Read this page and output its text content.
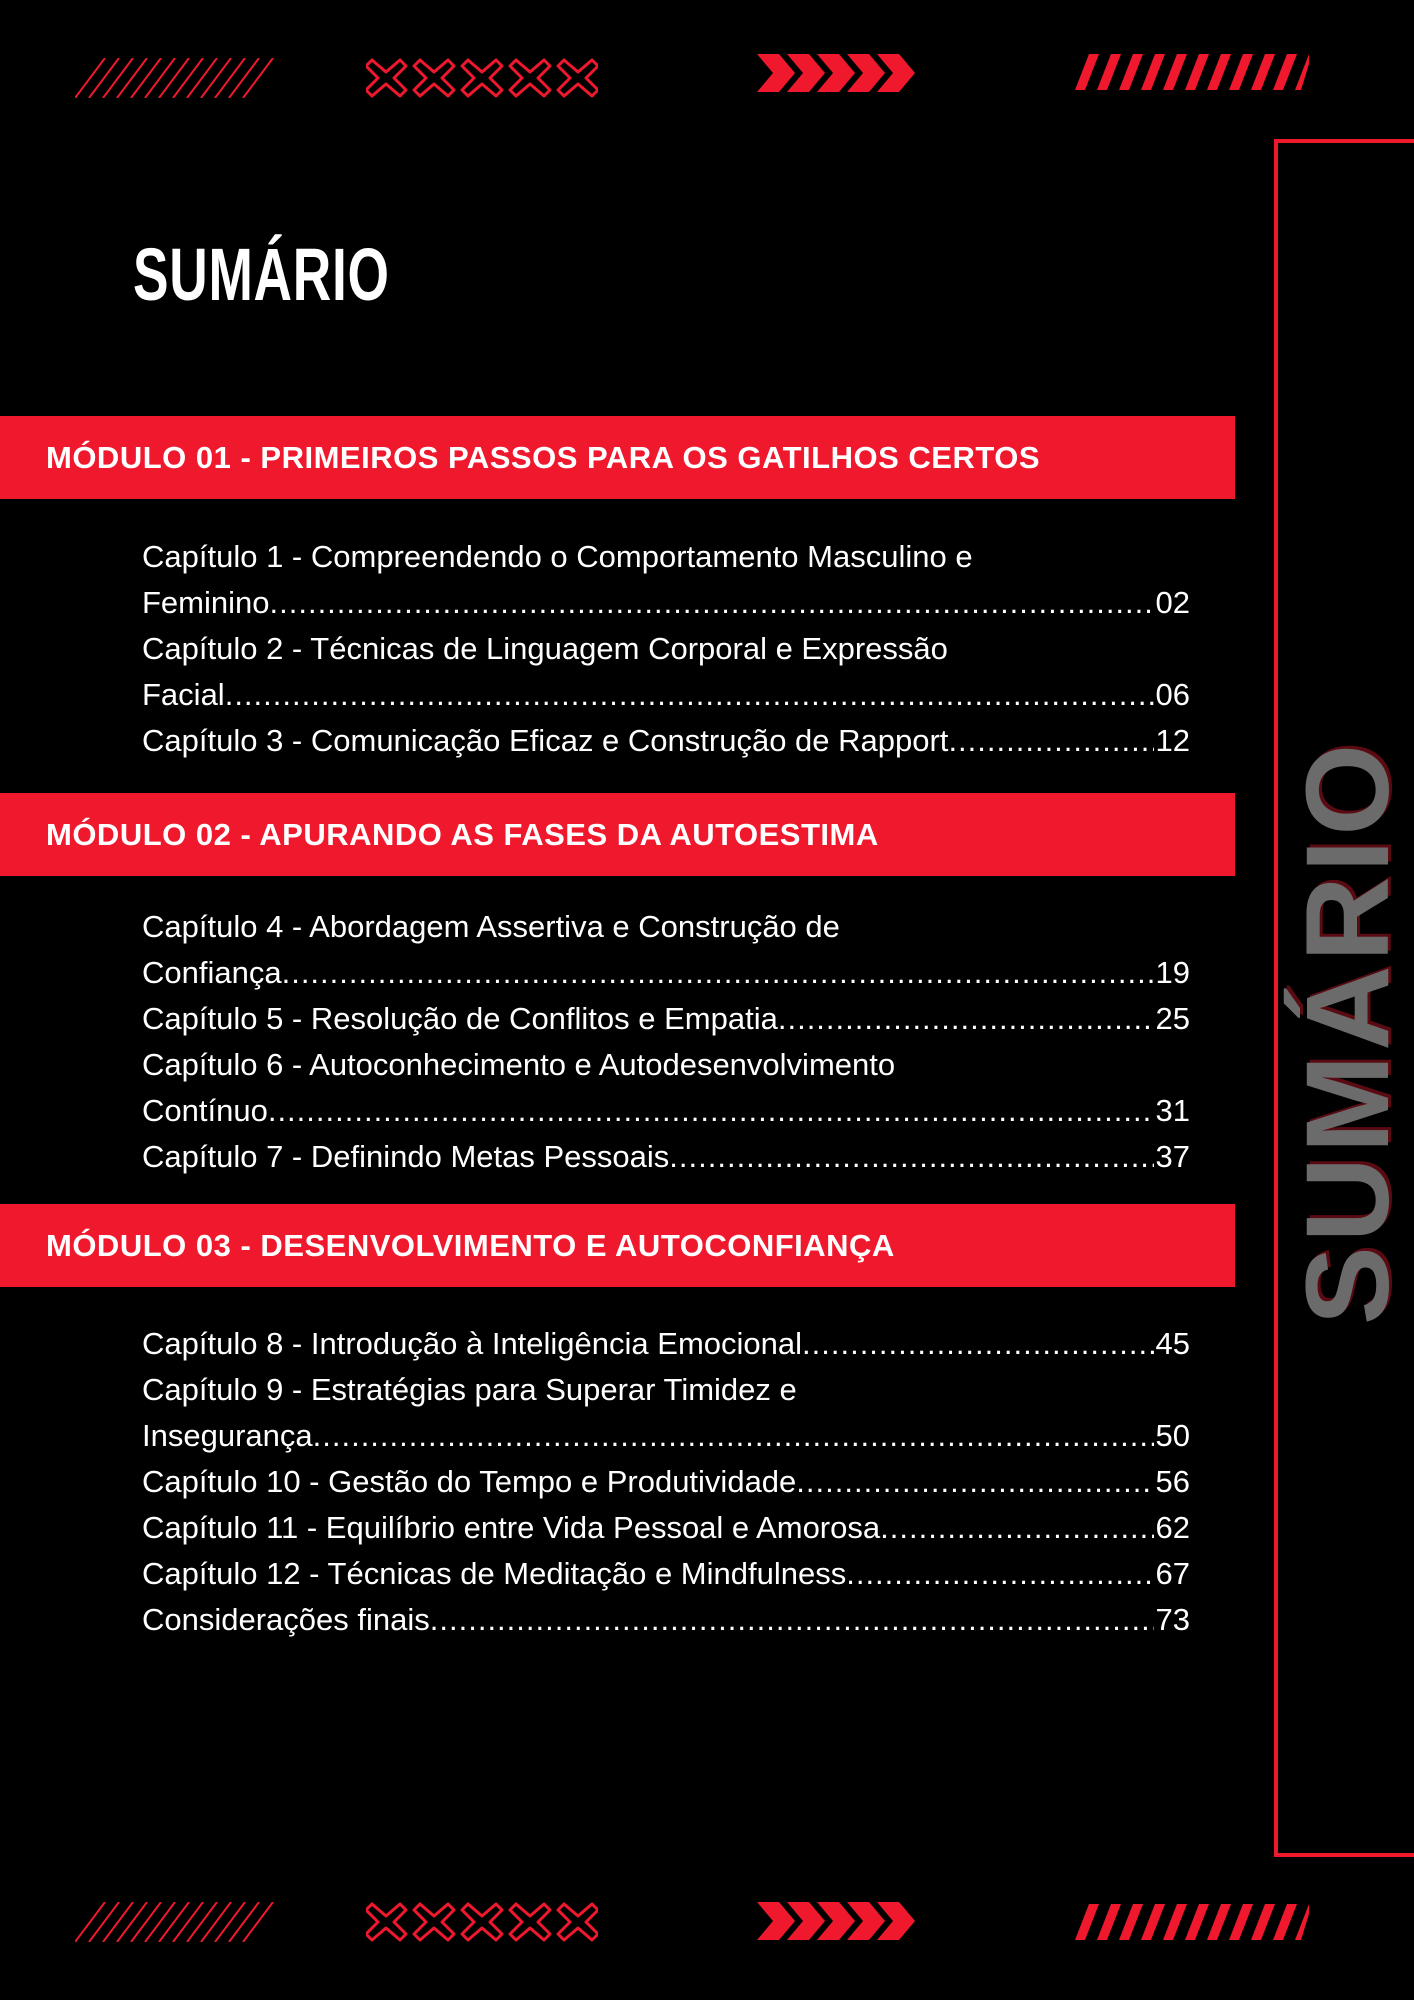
SUMÁRIO
SUMÁRIO
MÓDULO 01 - PRIMEIROS PASSOS PARA OS GATILHOS CERTOS
Capítulo 1 - Compreendendo o Comportamento Masculino e
Feminino .....	02
Capítulo 2 - Técnicas de Linguagem Corporal e Expressão
Facial .....	06
Capítulo 3 - Comunicação Eficaz e Construção de Rapport .....	12
MÓDULO 02 - APURANDO AS FASES DA AUTOESTIMA
Capítulo 4 - Abordagem Assertiva e Construção de
Confiança .....	19
Capítulo 5 - Resolução de Conflitos e Empatia .....	25
Capítulo 6 - Autoconhecimento e Autodesenvolvimento
Contínuo .....	31
Capítulo 7 - Definindo Metas Pessoais .....	37
MÓDULO 03 - DESENVOLVIMENTO E AUTOCONFIANÇA
Capítulo 8 - Introdução à Inteligência Emocional .....	45
Capítulo 9 - Estratégias para Superar Timidez e
Insegurança .....	50
Capítulo 10 - Gestão do Tempo e Produtividade .....	56
Capítulo 11 - Equilíbrio entre Vida Pessoal e Amorosa .....	62
Capítulo 12 - Técnicas de Meditação e Mindfulness .....	67
Considerações finais .....	73
